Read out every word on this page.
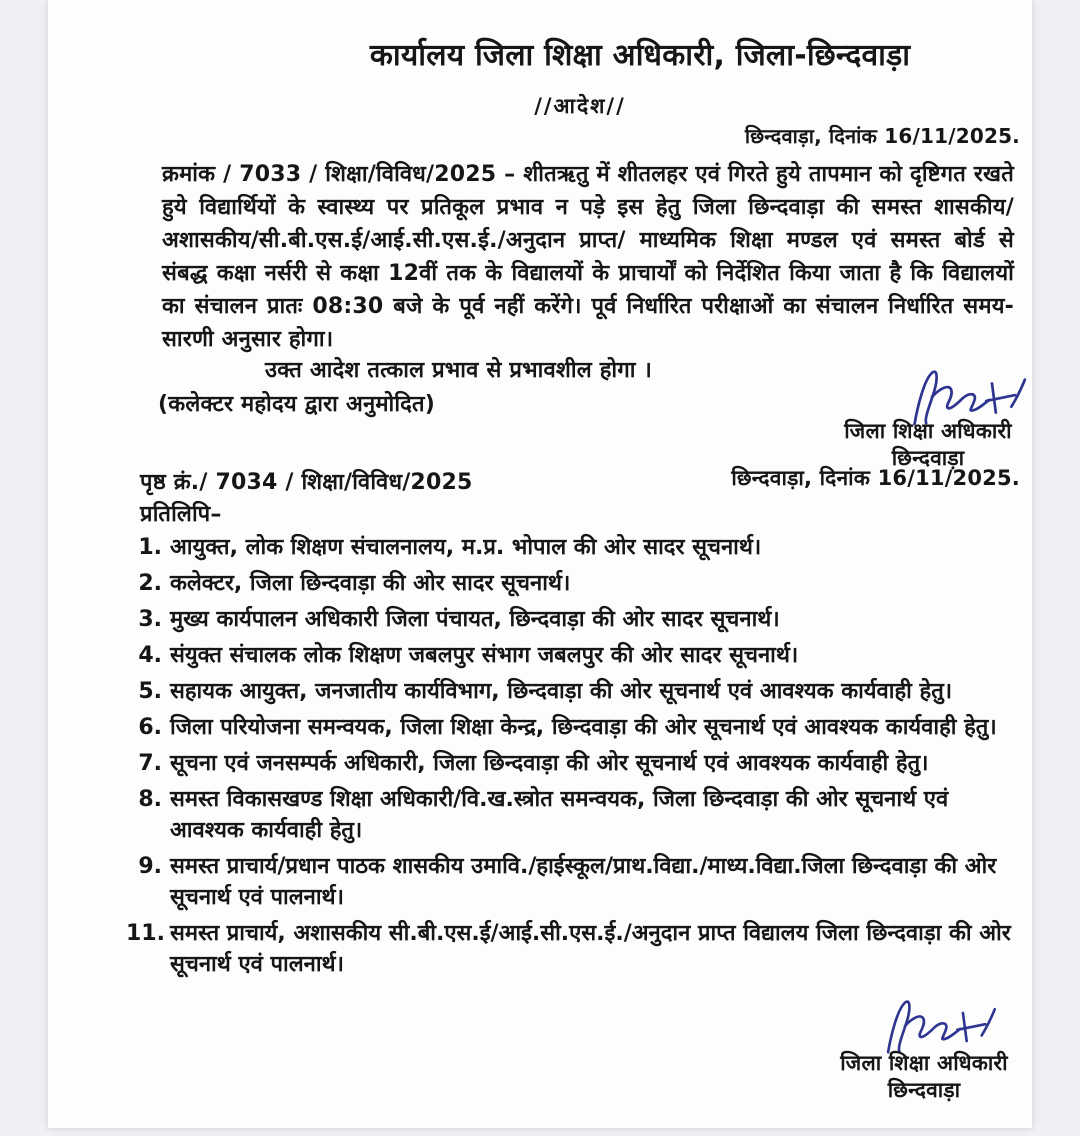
कार्यालय जिला शिक्षा अधिकारी, जिला-छिन्दवाड़ा
//आदेश//
छिन्दवाड़ा, दिनांक 16/11/2025.
क्रमांक / 7033 / शिक्षा/विविध/2025 – शीतऋतु में शीतलहर एवं गिरते हुये तापमान को दृष्टिगत रखते हुये विद्यार्थियों के स्वास्थ्य पर प्रतिकूल प्रभाव न पड़े इस हेतु जिला छिन्दवाड़ा की समस्त शासकीय/अशासकीय/सी.बी.एस.ई/आई.सी.एस.ई./अनुदान प्राप्त/ माध्यमिक शिक्षा मण्डल एवं समस्त बोर्ड से संबद्ध कक्षा नर्सरी से कक्षा 12वीं तक के विद्यालयों के प्राचार्यों को निर्देशित किया जाता है कि विद्यालयों का संचालन प्रातः 08:30 बजे के पूर्व नहीं करेंगे। पूर्व निर्धारित परीक्षाओं का संचालन निर्धारित समय-सारणी अनुसार होगा।
उक्त आदेश तत्काल प्रभाव से प्रभावशील होगा ।
(कलेक्टर महोदय द्वारा अनुमोदित)
जिला शिक्षा अधिकारी
छिन्दवाड़ा
पृष्ठ क्रं./ 7034 / शिक्षा/विविध/2025	छिन्दवाड़ा, दिनांक 16/11/2025.
प्रतिलिपि–
1. आयुक्त, लोक शिक्षण संचालनालय, म.प्र. भोपाल की ओर सादर सूचनार्थ।
2. कलेक्टर, जिला छिन्दवाड़ा की ओर सादर सूचनार्थ।
3. मुख्य कार्यपालन अधिकारी जिला पंचायत, छिन्दवाड़ा की ओर सादर सूचनार्थ।
4. संयुक्त संचालक लोक शिक्षण जबलपुर संभाग जबलपुर की ओर सादर सूचनार्थ।
5. सहायक आयुक्त, जनजातीय कार्यविभाग, छिन्दवाड़ा की ओर सूचनार्थ एवं आवश्यक कार्यवाही हेतु।
6. जिला परियोजना समन्वयक, जिला शिक्षा केन्द्र, छिन्दवाड़ा की ओर सूचनार्थ एवं आवश्यक कार्यवाही हेतु।
7. सूचना एवं जनसम्पर्क अधिकारी, जिला छिन्दवाड़ा की ओर सूचनार्थ एवं आवश्यक कार्यवाही हेतु।
8. समस्त विकासखण्ड शिक्षा अधिकारी/वि.ख.स्त्रोत समन्वयक, जिला छिन्दवाड़ा की ओर सूचनार्थ एवं आवश्यक कार्यवाही हेतु।
9. समस्त प्राचार्य/प्रधान पाठक शासकीय उमावि./हाईस्कूल/प्राथ.विद्या./माध्य.विद्या.जिला छिन्दवाड़ा की ओर सूचनार्थ एवं पालनार्थ।
11. समस्त प्राचार्य, अशासकीय सी.बी.एस.ई/आई.सी.एस.ई./अनुदान प्राप्त विद्यालय जिला छिन्दवाड़ा की ओर सूचनार्थ एवं पालनार्थ।
जिला शिक्षा अधिकारी
छिन्दवाड़ा
